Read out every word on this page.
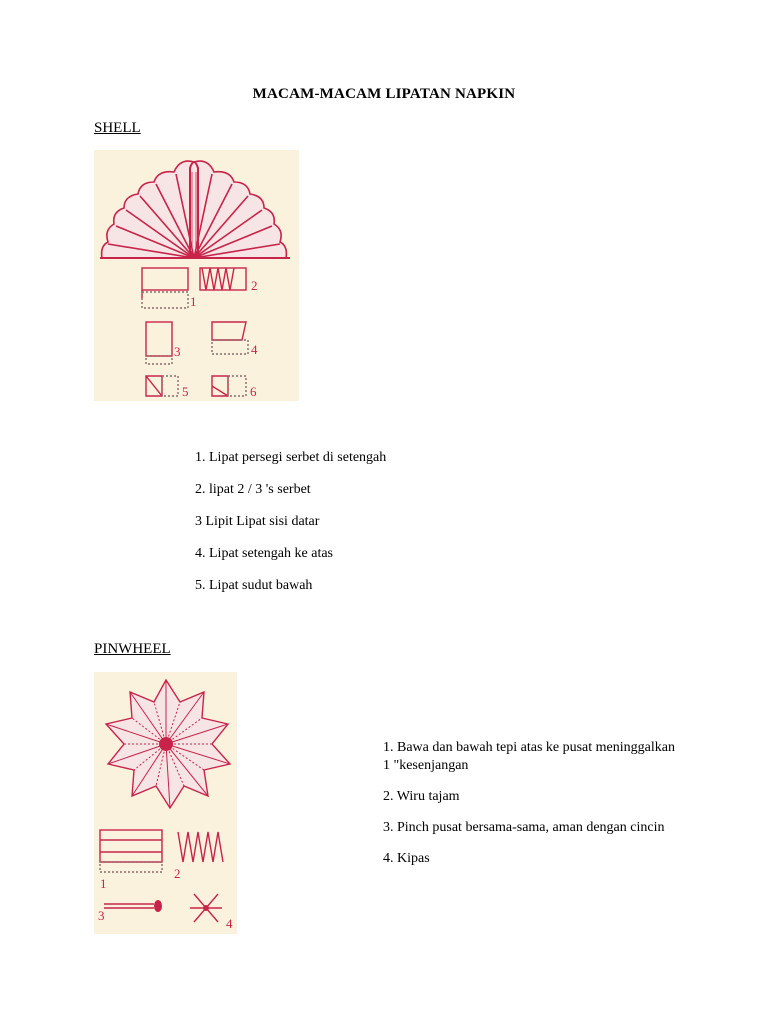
MACAM-MACAM LIPATAN NAPKIN
SHELL
1
2
3	4
5	6
1. Lipat persegi serbet di setengah
2. lipat 2 / 3 's serbet
3 Lipit Lipat sisi datar
4. Lipat setengah ke atas
5. Lipat sudut bawah
PINWHEEL
1
2
3
4
1. Bawa dan bawah tepi atas ke pusat meninggalkan 1 "kesenjangan
2. Wiru tajam
3. Pinch pusat bersama-sama, aman dengan cincin
4. Kipas
